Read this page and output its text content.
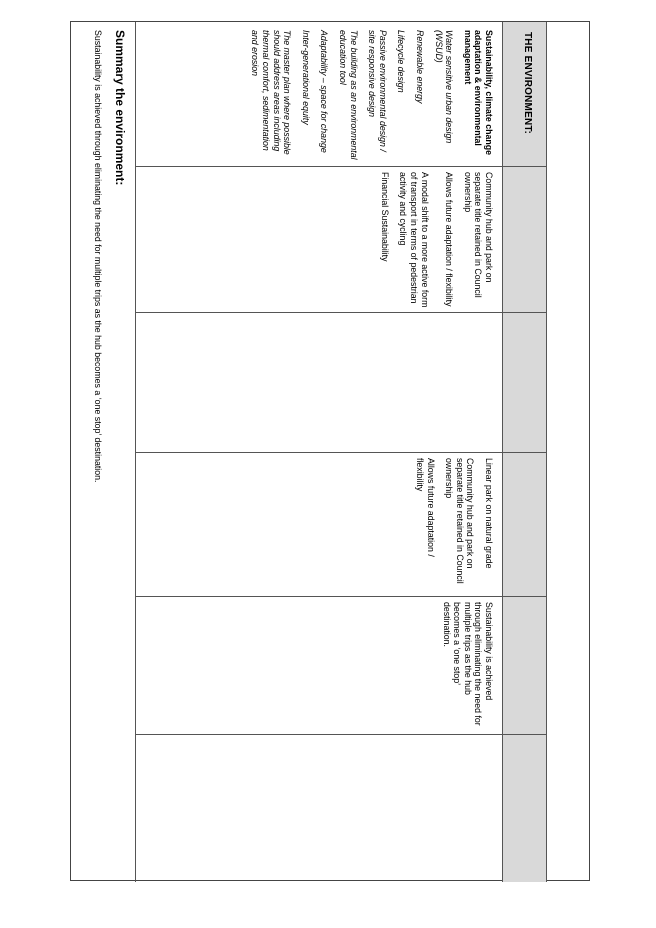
THE ENVIRONMENT:

Sustainability, climate change adaptation & environmental management

Water sensitive urban design (WSUD)

Renewable energy

Lifecycle design

Passive environmental design / site responsive design

The building as an environmental education tool

Adaptability – space for change

Inter-generational equity

The master plan where possible should address areas including thermal comfort, sedimentation and erosion

Community hub and park on separate title retained in Council ownership

Allows future adaptation / flexibility

A modal shift to a more active form of transport in terms of pedestrian activity and cycling

Financial Sustainability

Linear park on natural grade

Community hub and park on separate title retained in Council ownership

Allows future adaptation / flexibility

Sustainability is achieved through eliminating the need for multiple trips as the hub becomes a ‘one stop’ destination.

Summary the environment:
Sustainability is achieved through eliminating the need for multiple trips as the hub becomes a ‘one stop’ destination.
